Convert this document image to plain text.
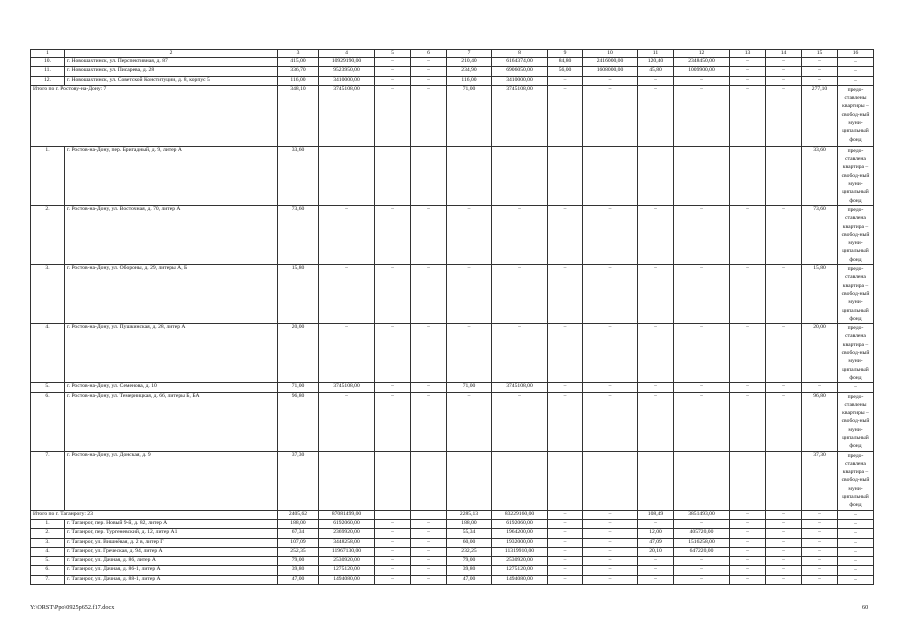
1	2	3	4	5	6	7	8	9	10	11	12	13	14	15	16
10.	г. Новошахтинск, ул. Перспективная, д. 87	415,00	10929190,00	–	–	210,40	6164374,00	84,80	2416000,00	120,40	2348450,00	–	–	–	–
11.	г. Новошахтинск, ул. Писарева, д. 28	336,70	9523950,00	–	–	234,90	6906050,00	56,00	1608000,00	45,80	1009900,00	–	–	–	–
12.	г. Новошахтинск, ул. Советской Конституции, д. 8, корпус 5	116,00	3410000,00	–	–	116,00	3410000,00	–	–	–	–	–	–	–	–
Итого по г. Ростову-на-Дону: 7		348,10	3745108,00	–	–	71,00	3745108,00	–	–	–	–	–	–	277,10	предо-ставлены квартиры – свобод-ный муни-ципальный фонд
1.	г. Ростов-на-Дону, пер. Бригадный, д. 9, литер А	33,60												33,60	предо-ставлена квартира – свобод-ный муни-ципальный фонд
2.	г. Ростов-на-Дону, ул. Восточная, д. 70, литер А	73,60	–	–	–	–	–	–	–	–	–	–	–	73,60	предо-ставлена квартира – свобод-ный муни-ципальный фонд
3.	г. Ростов-на-Дону, ул. Обороны, д. 29, литеры А, Б	15,80	–	–	–	–	–	–	–	–	–	–	–	15,80	предо-ставлена квартира – свобод-ный муни-ципальный фонд
4.	г. Ростов-на-Дону, ул. Пушкинская, д. 28, литер А	20,00	–	–	–	–	–	–	–	–	–	–	–	20,00	предо-ставлена квартира – свобод-ный муни-ципальный фонд
5.	г. Ростов-на-Дону, ул. Семенова, д. 10	71,00	3745108,00	–	–	71,00	3745108,00	–	–	–	–	–	–	–	–
6.	г. Ростов-на-Дону, ул. Темерницкая, д. 66, литеры Б, БА	96,80	–	–	–	–	–	–	–	–	–	–	–	96,80	предо-ставлены квартиры – свобод-ный муни-ципальный фонд
7.	г. Ростов-на-Дону, ул. Донская, д. 9	37,30												37,30	предо-ставлена квартира – свобод-ный муни-ципальный фонд
Итого по г. Таганрогу: 23		2405,62	87081499,00			2285,13	83229160,00	–	–	108,49	3851493,00	–	–	–	–
1.	г. Таганрог, пер. Новый 9-й, д. 82, литер А	188,00	6192060,00	–	–	188,00	6192060,00	–	–	–	–	–	–	–	–
2.	г. Таганрог, пер. Тургеневский, д. 12, литер А1	67,34	2369920,00	–	–	55,34	1964200,00	–	–	12,00	405720,00	–	–	–	–
3.	г. Таганрог, ул. Вишнёвая, д. 2 в, литер Г	107,09	3448258,00	–	–	60,00	1932000,00	–	–	47,09	1516258,00	–	–	–	–
4.	г. Таганрог, ул. Греческая, д. 94, литер А	252,35	11967130,00	–	–	232,25	11319910,00	–	–	20,10	647220,00	–	–	–	–
5.	г. Таганрог, ул. Дачная, д. 86, литер А	79,00	2530920,00	–	–	79,00	2530920,00	–	–	–	–	–	–	–	–
6.	г. Таганрог, ул. Дачная, д. 86-1, литер А	39,80	1275120,00	–	–	39,80	1275120,00	–	–	–	–	–	–	–	–
7.	г. Таганрог, ул. Дачная, д. 88-1, литер А	47,00	1494080,00	–	–	47,00	1494080,00	–	–	–	–	–	–	–	–
Y:\ORST\Ppo\0925p652.f17.docx	60
